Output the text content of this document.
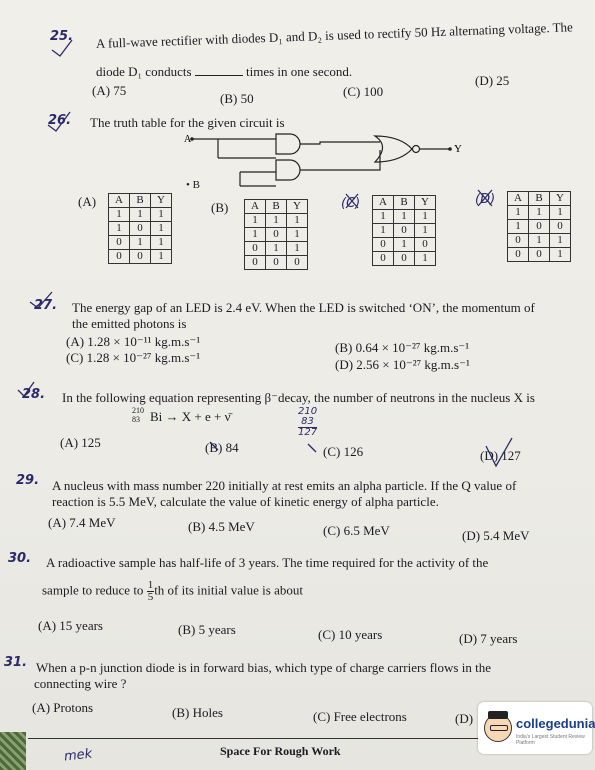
25. A full-wave rectifier with diodes D₁ and D₂ is used to rectify 50 Hz alternating voltage. The
diode D₁ conducts	times in one second.
(A) 75
(B) 50	(C) 100
(D) 25
26. The truth table for the given circuit is
A
Y
• B
(A)	(B)	(C)	(D)
A	B	Y
1	1	1
1	0	1
0	1	1
0	0	1
A	B	Y
1	1	1
1	0	1
0	1	1
0	0	0
A	B	Y
1	1	1
1	0	1
0	1	0
0	0	1
A	B	Y
1	1	1
1	0	0
0	1	1
0	0	1
27. The energy gap of an LED is 2.4 eV. When the LED is switched ‘ON’, the momentum of
the emitted photons is
(A) 1.28 × 10⁻¹¹ kg.m.s⁻¹	(B) 0.64 × 10⁻²⁷ kg.m.s⁻¹
(C) 1.28 × 10⁻²⁷ kg.m.s⁻¹	(D) 2.56 × 10⁻²⁷ kg.m.s⁻¹
28. In the following equation representing β⁻decay, the number of neutrons in the nucleus X is
210
83 Bi → X + e + ν̄	210
83
127
(A) 125	(B) 84	(C) 126	(D) 127
29. A nucleus with mass number 220 initially at rest emits an alpha particle. If the Q value of
reaction is 5.5 MeV, calculate the value of kinetic energy of alpha particle.
(A) 7.4 MeV	(B) 4.5 MeV	(C) 6.5 MeV	(D) 5.4 MeV
30. A radioactive sample has half-life of 3 years. The time required for the activity of the
sample to reduce to $\frac{1}{5}$ th of its initial value is about
(A) 15 years	(B) 5 years	(C) 10 years	(D) 7 years
31. When a p-n junction diode is in forward bias, which type of charge carriers flows in the
connecting wire ?
(A) Protons	(B) Holes	(C) Free electrons	(D)
Space For Rough Work
mek
collegedunia
India's Largest Student Review Platform
